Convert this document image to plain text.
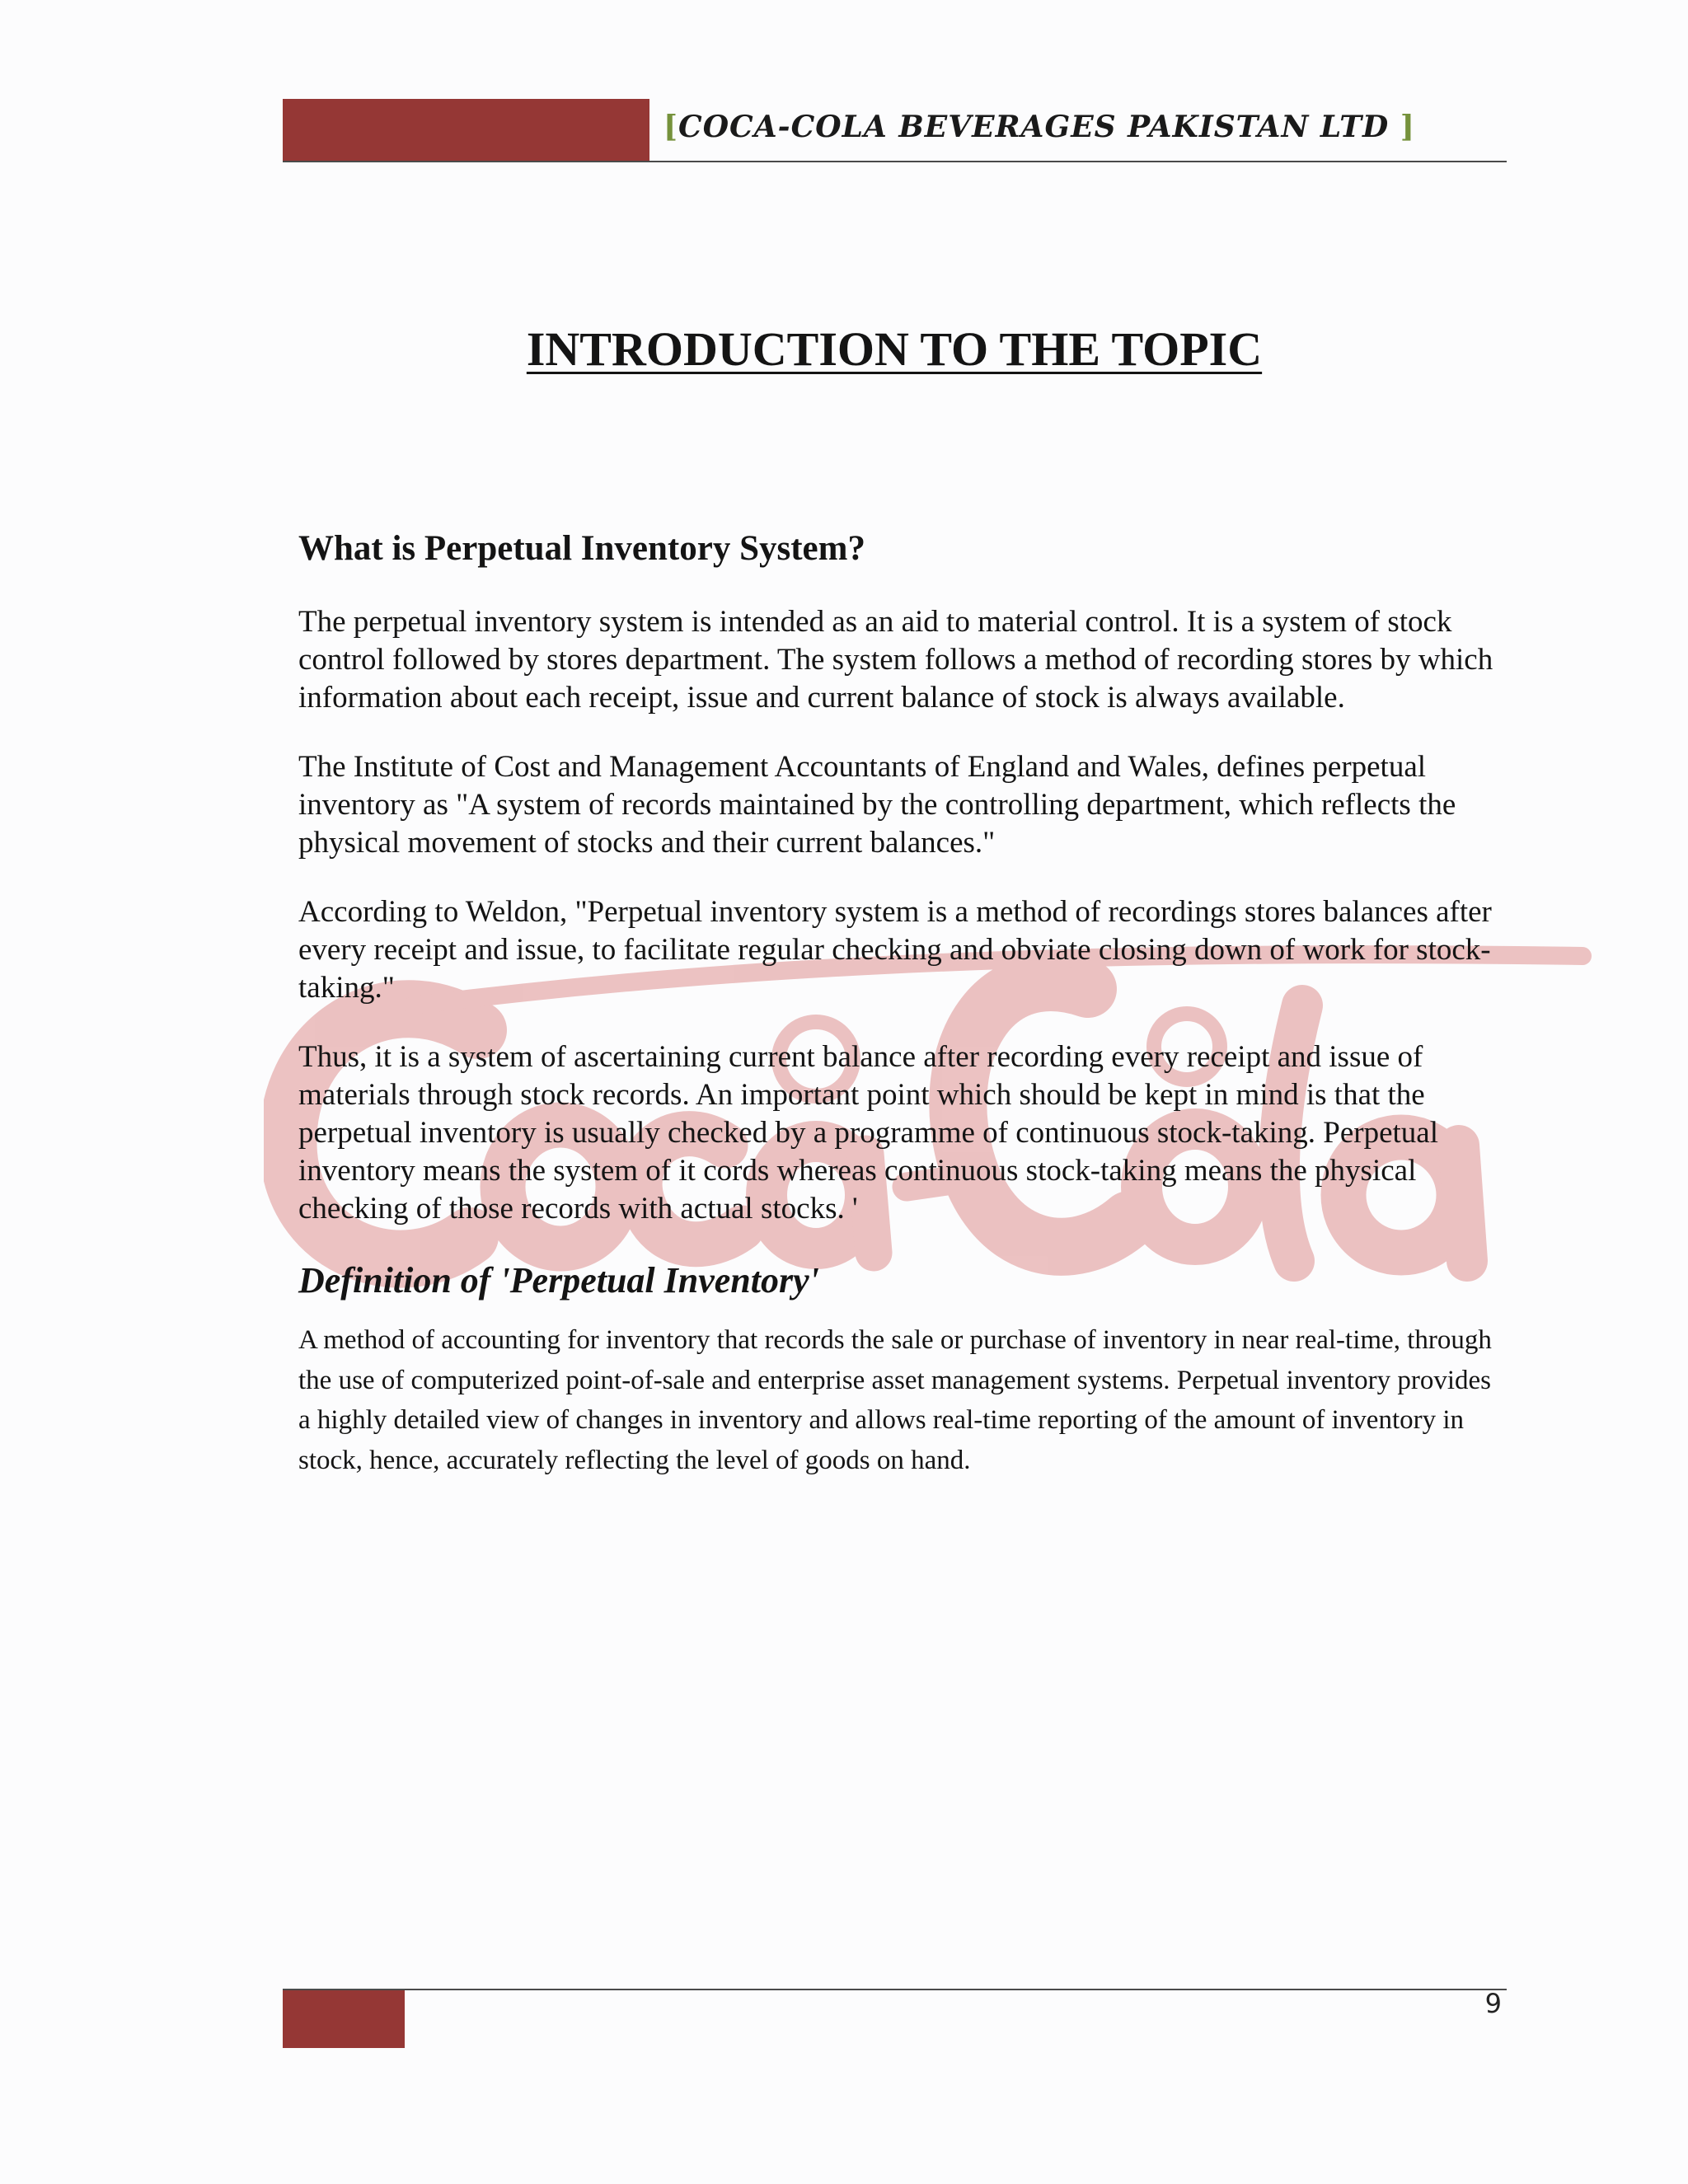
[COCA-COLA BEVERAGES PAKISTAN LTD ]
INTRODUCTION TO THE TOPIC
What is Perpetual Inventory System?

The perpetual inventory system is intended as an aid to material control. It is a system of stock control followed by stores department. The system follows a method of recording stores by which information about each receipt, issue and current balance of stock is always available.

The Institute of Cost and Management Accountants of England and Wales, defines perpetual inventory as "A system of records maintained by the controlling department, which reflects the physical movement of stocks and their current balances."

According to Weldon, "Perpetual inventory system is a method of recordings stores balances after every receipt and issue, to facilitate regular checking and obviate closing down of work for stock-taking."

Thus, it is a system of ascertaining current balance after recording every receipt and issue of materials through stock records. An important point which should be kept in mind is that the perpetual inventory is usually checked by a programme of continuous stock-taking. Perpetual inventory means the system of it cords whereas continuous stock-taking means the physical checking of those records with actual stocks. '

Definition of 'Perpetual Inventory'

A method of accounting for inventory that records the sale or purchase of inventory in near real-time, through the use of computerized point-of-sale and enterprise asset management systems. Perpetual inventory provides a highly detailed view of changes in inventory and allows real-time reporting of the amount of inventory in stock, hence, accurately reflecting the level of goods on hand.

9
